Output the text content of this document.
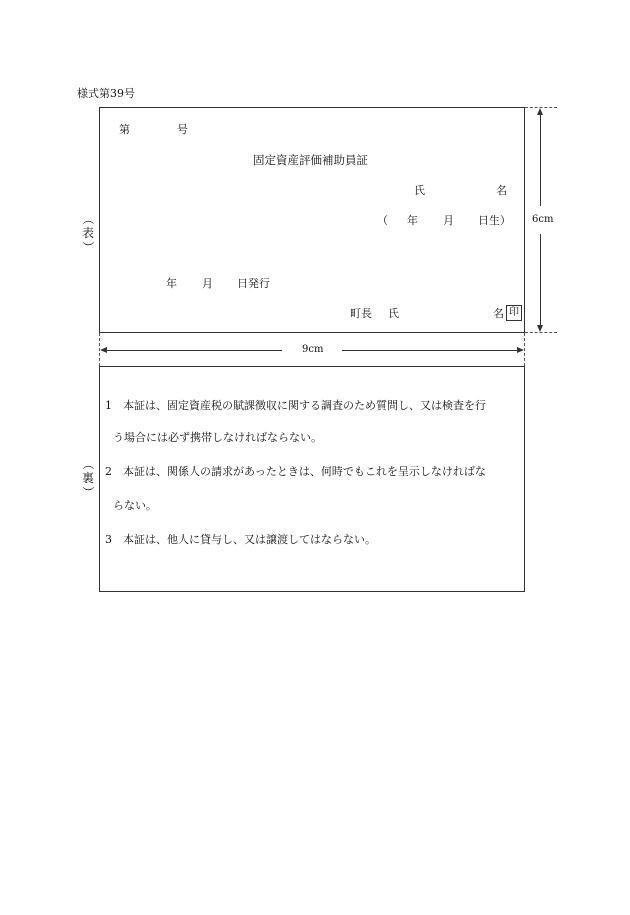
様式第39号
（
表
）
第	号
固定資産評価補助員証
氏	名
（ 年 月 日生）
年 月 日発行
町長 氏	名 印
6cm
9cm
（
裏
）
1　本証は、固定資産税の賦課徴収に関する調査のため質問し、又は検査を行
う場合には必ず携帯しなければならない。
2　本証は、関係人の請求があったときは、何時でもこれを呈示しなければな
らない。
3　本証は、他人に貸与し、又は譲渡してはならない。
